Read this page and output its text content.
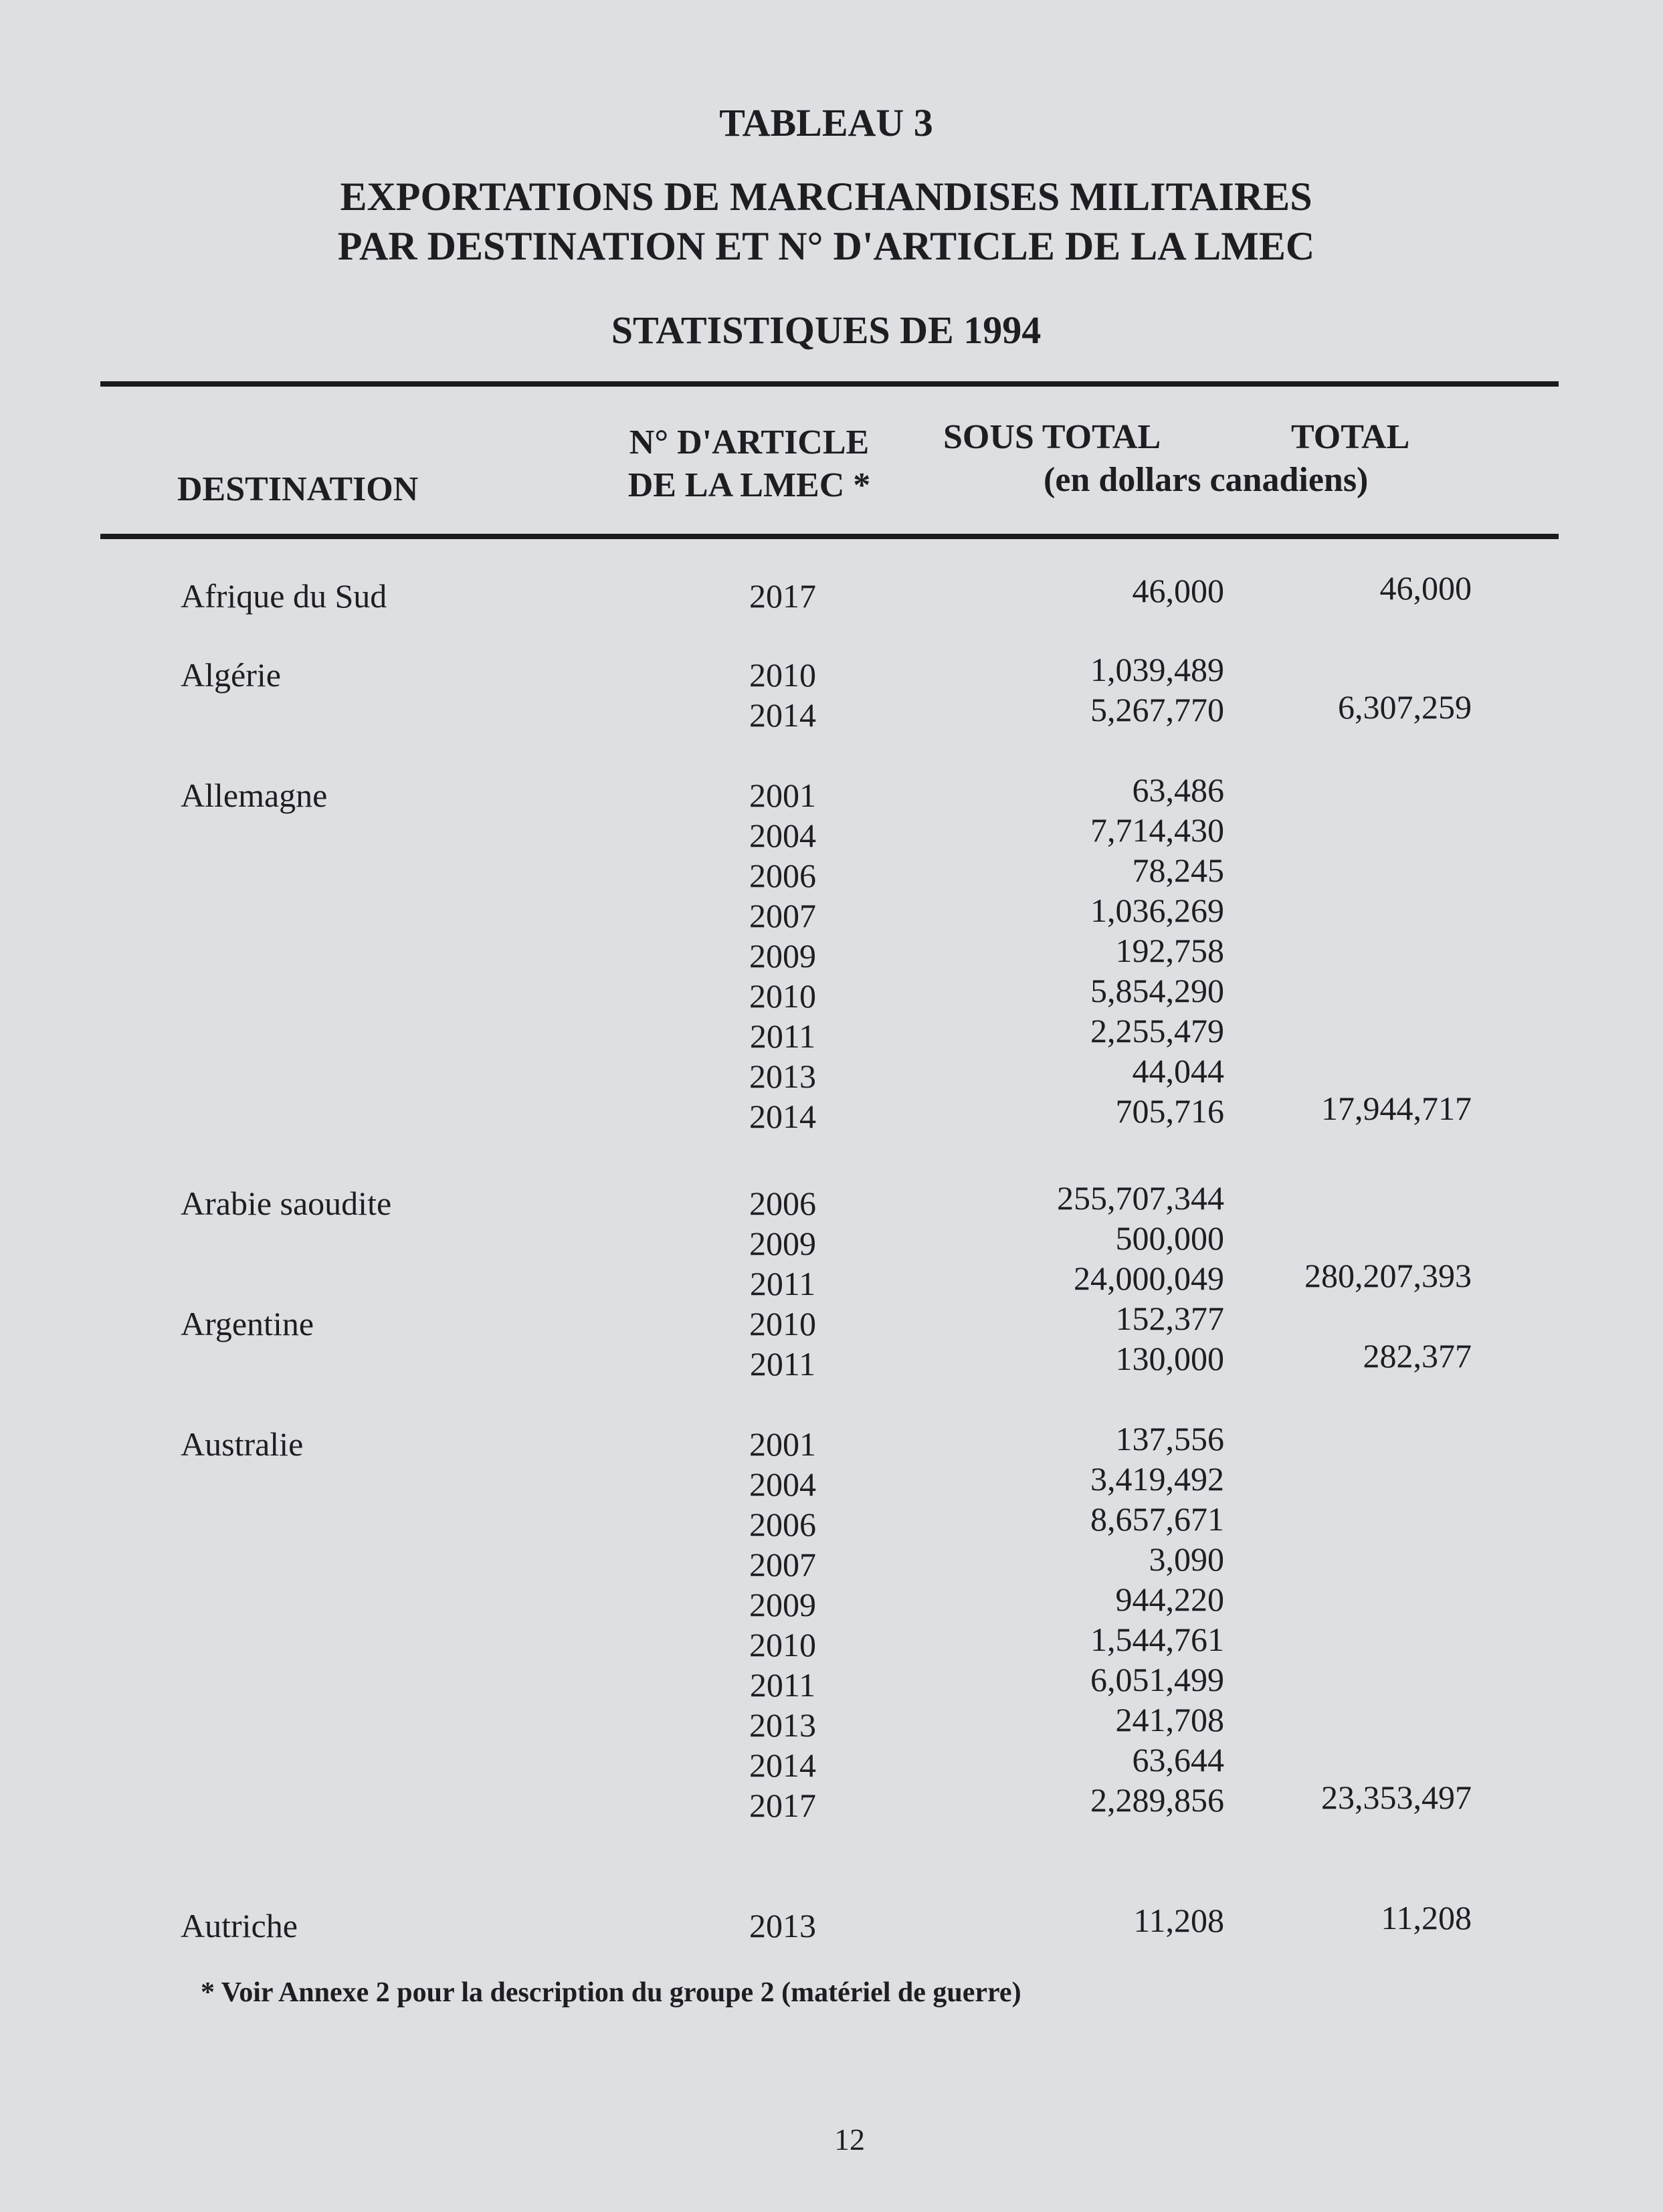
TABLEAU 3
EXPORTATIONS DE MARCHANDISES MILITAIRES
PAR DESTINATION ET N° D'ARTICLE DE LA LMEC
STATISTIQUES DE 1994
DESTINATION
N° D'ARTICLE
DE LA LMEC *
SOUS TOTAL	TOTAL
(en dollars canadiens)
Afrique du Sud	2017	46,000	46,000
Algérie	2010	1,039,489
2014	5,267,770	6,307,259
Allemagne	2001	63,486
2004	7,714,430
2006	78,245
2007	1,036,269
2009	192,758
2010	5,854,290
2011	2,255,479
2013	44,044
2014	705,716	17,944,717
Arabie saoudite	2006	255,707,344
2009	500,000
2011	24,000,049	280,207,393
Argentine	2010	152,377
2011	130,000	282,377
Australie	2001	137,556
2004	3,419,492
2006	8,657,671
2007	3,090
2009	944,220
2010	1,544,761
2011	6,051,499
2013	241,708
2014	63,644
2017	2,289,856	23,353,497
Autriche	2013	11,208	11,208
* Voir Annexe 2 pour la description du groupe 2 (matériel de guerre)
12
